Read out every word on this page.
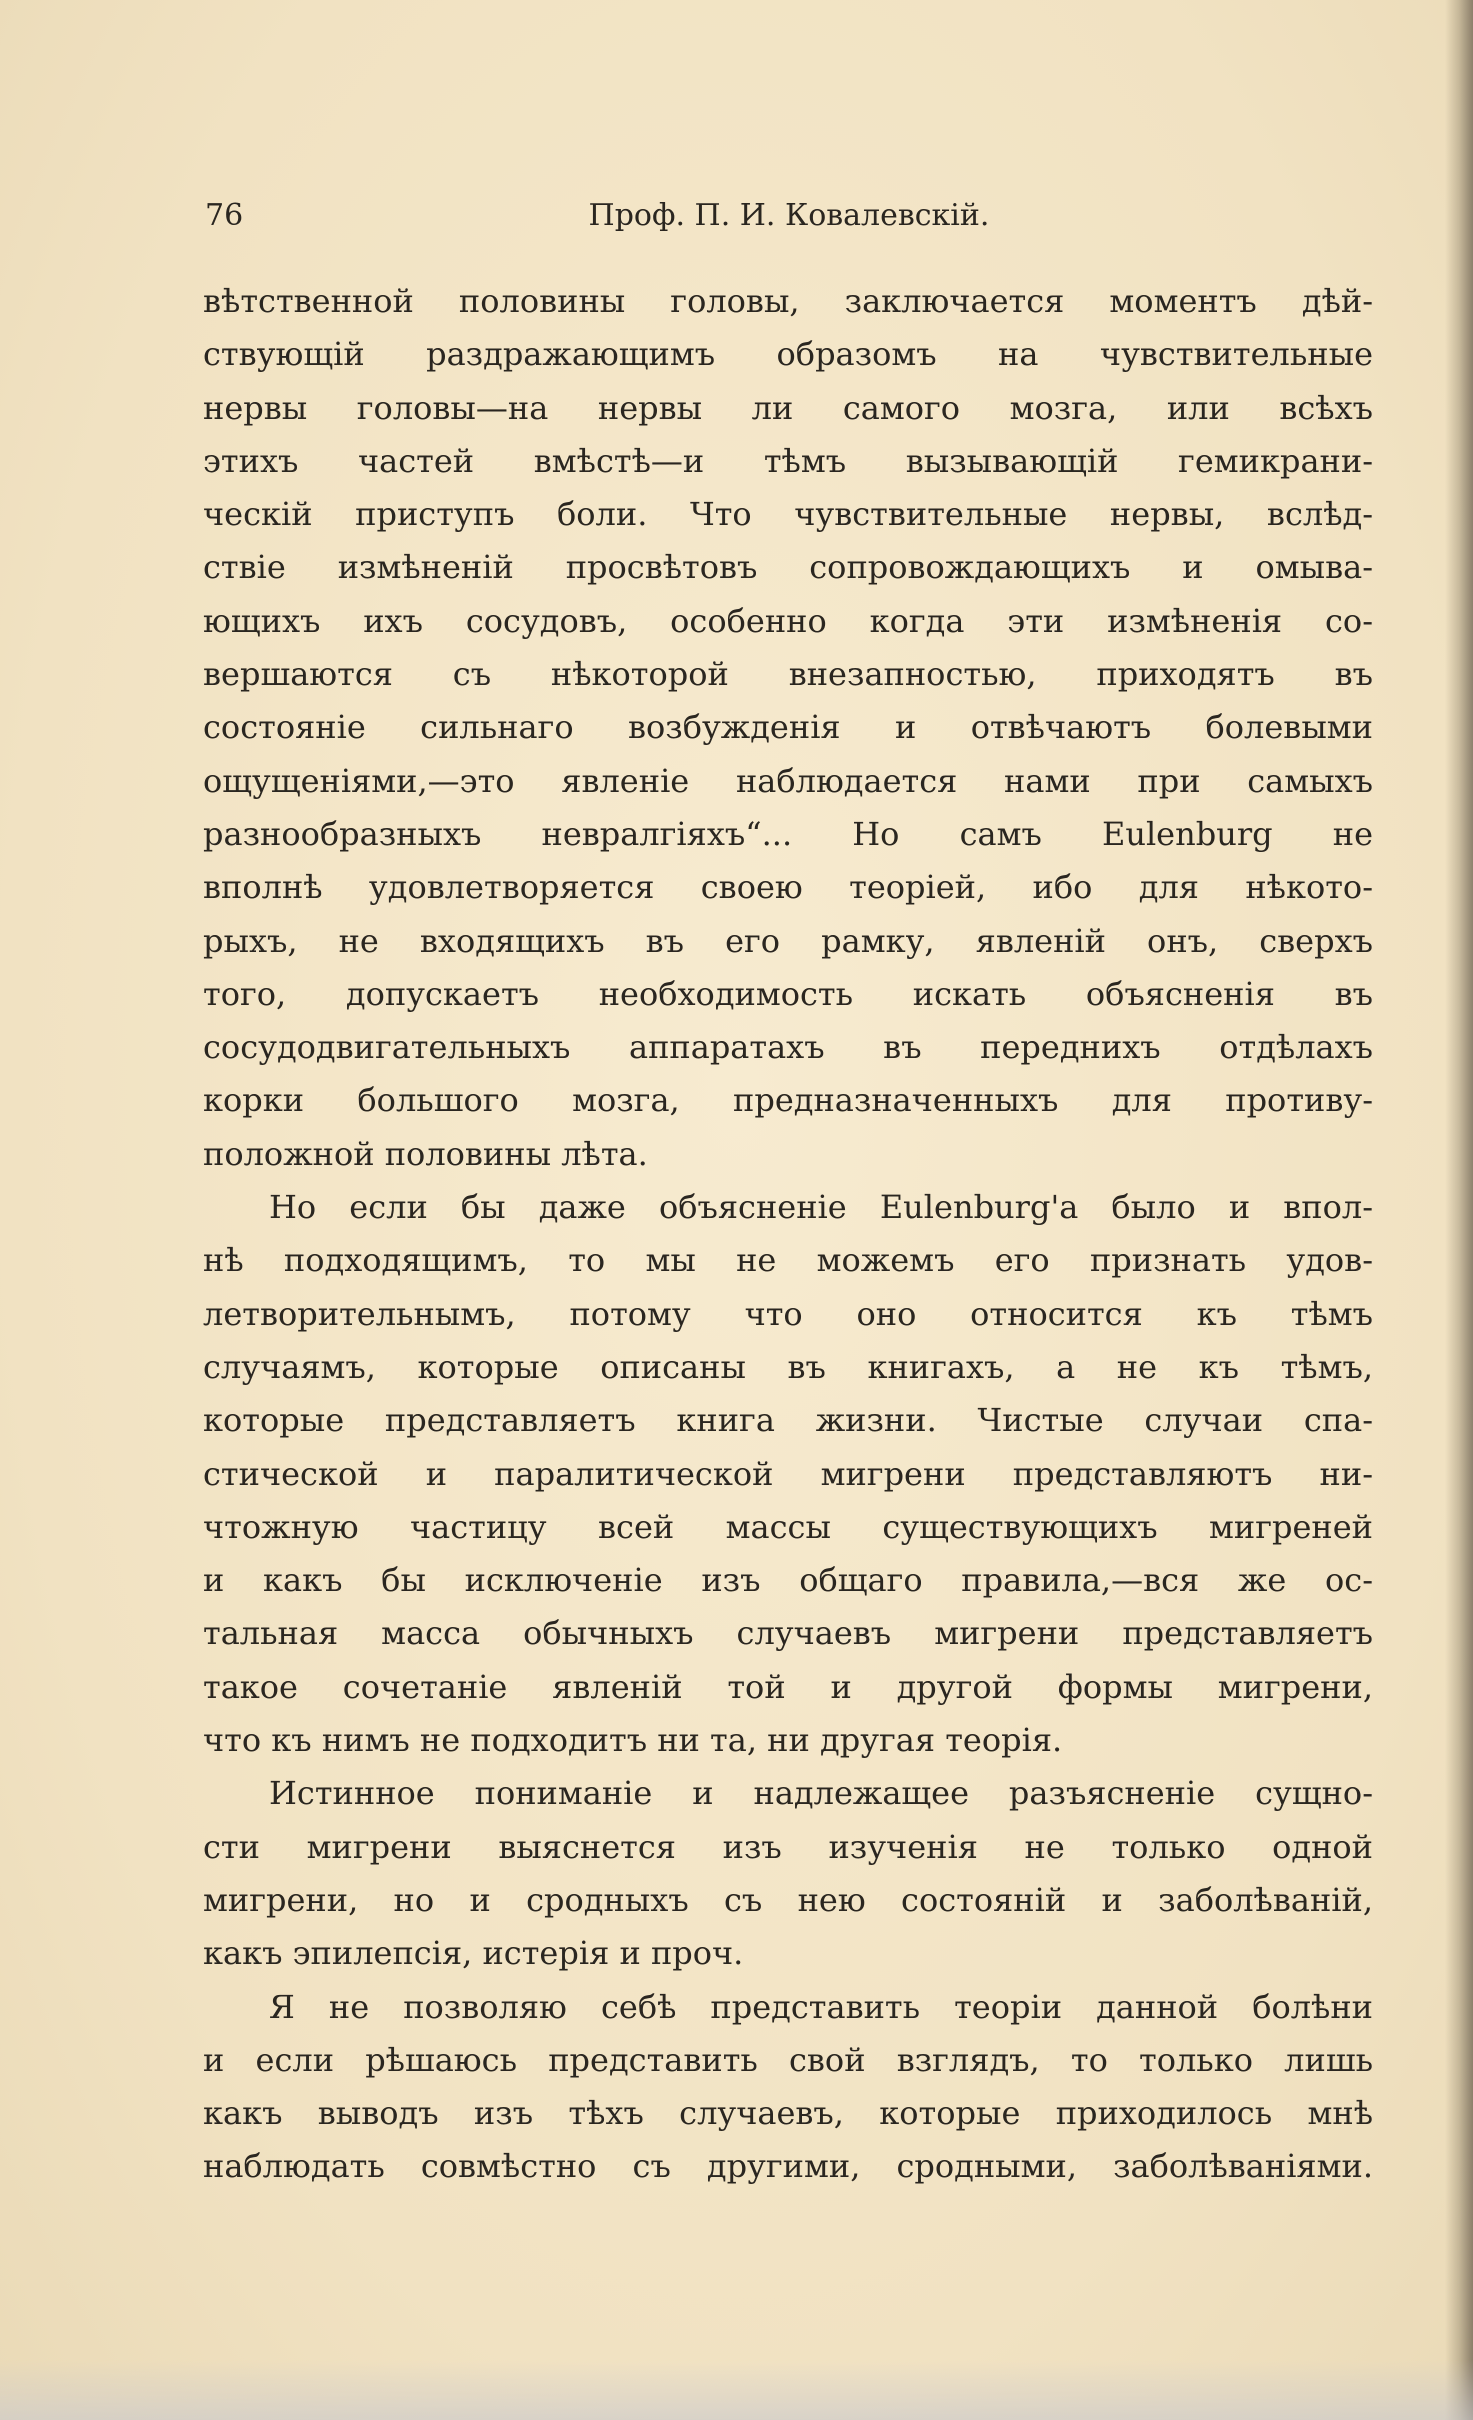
76	Проф. П. И. Ковалевскій.
вѣтственной половины головы, заключается моментъ дѣй-
ствующій раздражающимъ образомъ на чувствительные
нервы головы—на нервы ли самого мозга, или всѣхъ
этихъ частей вмѣстѣ—и тѣмъ вызывающій гемикрани-
ческій приступъ боли. Что чувствительные нервы, вслѣд-
ствіе измѣненій просвѣтовъ сопровождающихъ и омыва-
ющихъ ихъ сосудовъ, особенно когда эти измѣненія со-
вершаются съ нѣкоторой внезапностью, приходятъ въ
состояніе сильнаго возбужденія и отвѣчаютъ болевыми
ощущеніями,—это явленіе наблюдается нами при самыхъ
разнообразныхъ невралгіяхъ“... Но самъ Eulenburg не
вполнѣ удовлетворяется своею теоріей, ибо для нѣкото-
рыхъ, не входящихъ въ его рамку, явленій онъ, сверхъ
того, допускаетъ необходимость искать объясненія въ
сосудодвигательныхъ аппаратахъ въ переднихъ отдѣлахъ
корки большого мозга, предназначенныхъ для противу-
положной половины лѣта.
Но если бы даже объясненіе Eulenburg'а было и впол-
нѣ подходящимъ, то мы не можемъ его признать удов-
летворительнымъ, потому что оно относится къ тѣмъ
случаямъ, которые описаны въ книгахъ, а не къ тѣмъ,
которые представляетъ книга жизни. Чистые случаи спа-
стической и паралитической мигрени представляютъ ни-
чтожную частицу всей массы существующихъ мигреней
и какъ бы исключеніе изъ общаго правила,—вся же ос-
тальная масса обычныхъ случаевъ мигрени представляетъ
такое сочетаніе явленій той и другой формы мигрени,
что къ нимъ не подходитъ ни та, ни другая теорія.
Истинное пониманіе и надлежащее разъясненіе сущно-
сти мигрени выяснется изъ изученія не только одной
мигрени, но и сродныхъ съ нею состояній и заболѣваній,
какъ эпилепсія, истерія и проч.
Я не позволяю себѣ представить теоріи данной болѣни
и если рѣшаюсь представить свой взглядъ, то только лишь
какъ выводъ изъ тѣхъ случаевъ, которые приходилось мнѣ
наблюдать совмѣстно съ другими, сродными, заболѣваніями.
